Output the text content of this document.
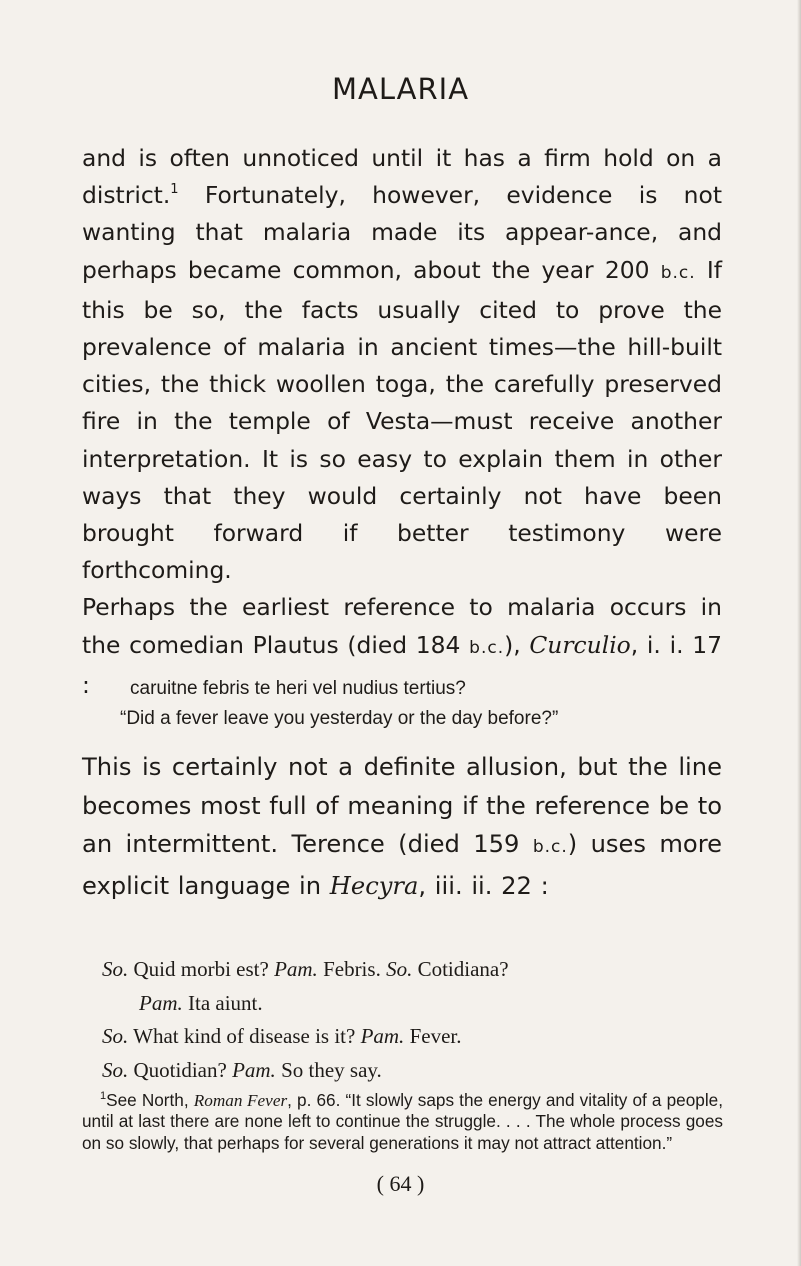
MALARIA

and is often unnoticed until it has a firm hold on a district.$^1$ Fortunately, however, evidence is not wanting that malaria made its appear-ance, and perhaps became common, about the year 200 b.c. If this be so, the facts usually cited to prove the prevalence of malaria in ancient times—the hill-built cities, the thick woollen toga, the carefully preserved fire in the temple of Vesta—must receive another interpretation. It is so easy to explain them in other ways that they would certainly not have been brought forward if better testimony were forthcoming.

Perhaps the earliest reference to malaria occurs in the comedian Plautus (died 184 b.c.), Curculio, i. i. 17 :	caruitne febris te heri vel nudius tertius?
“Did a fever leave you yesterday or the day before?”

This is certainly not a definite allusion, but the line becomes most full of meaning if the reference be to an intermittent. Terence (died 159 b.c.) uses more explicit language in Hecyra, iii. ii. 22 :

So. Quid morbi est? Pam. Febris. So. Cotidiana?
Pam. Ita aiunt.
So. What kind of disease is it? Pam. Fever.
So. Quotidian? Pam. So they say.
$^1$See North, Roman Fever, p. 66. “It slowly saps the energy and vitality of a people, until at last there are none left to continue the struggle. . . . The whole process goes on so slowly, that perhaps for several generations it may not attract attention.”
( 64 )
